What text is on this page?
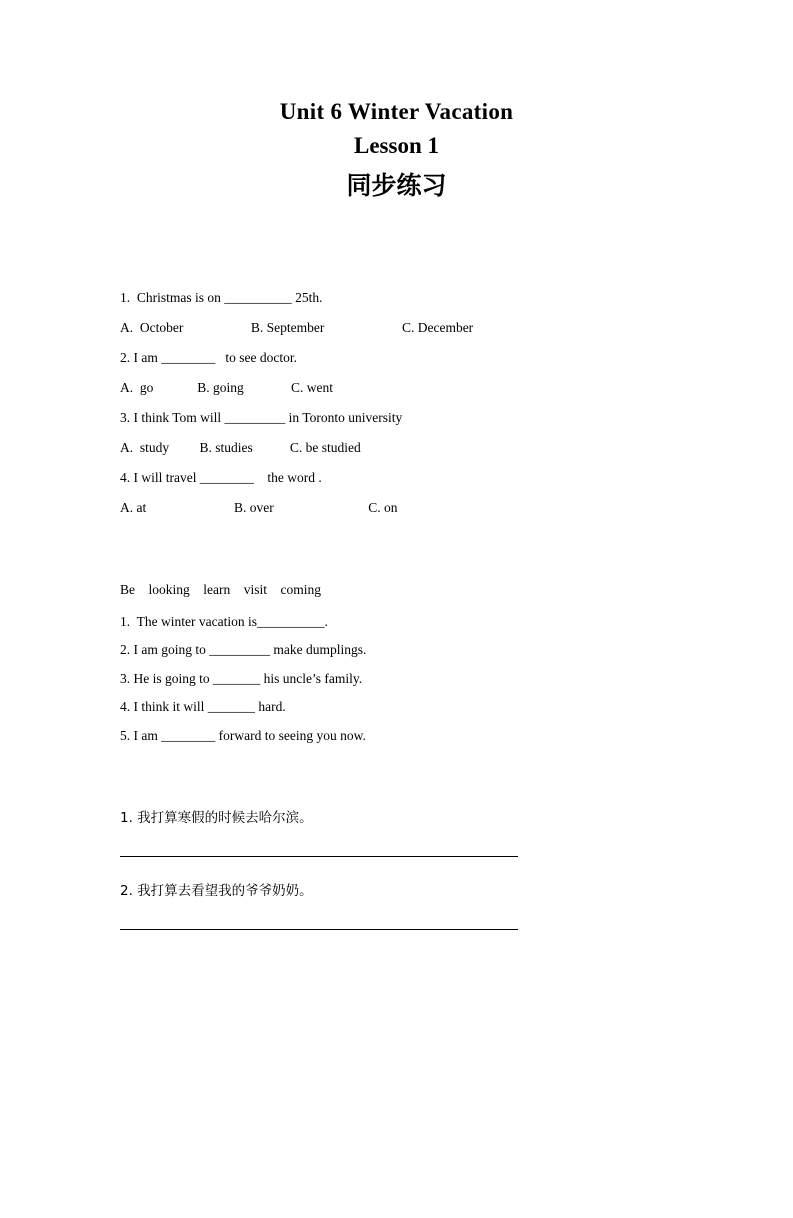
Unit 6 Winter Vacation
Lesson 1
同步练习
1.  Christmas is on __________ 25th.
A.  October                    B. September                       C. December
2. I am ________   to see doctor.
A.  go             B. going              C. went
3. I think Tom will _________ in Toronto university
A.  study         B. studies           C. be studied
4. I will travel ________    the word .
A. at                          B. over                            C. on
Be    looking    learn    visit    coming
1.  The winter vacation is__________.
2. I am going to _________ make dumplings.
3. He is going to _______ his uncle’s family.
4. I think it will _______ hard.
5. I am ________ forward to seeing you now.
1. 我打算寒假的时候去哈尔滨。
2. 我打算去看望我的爷爷奶奶。
